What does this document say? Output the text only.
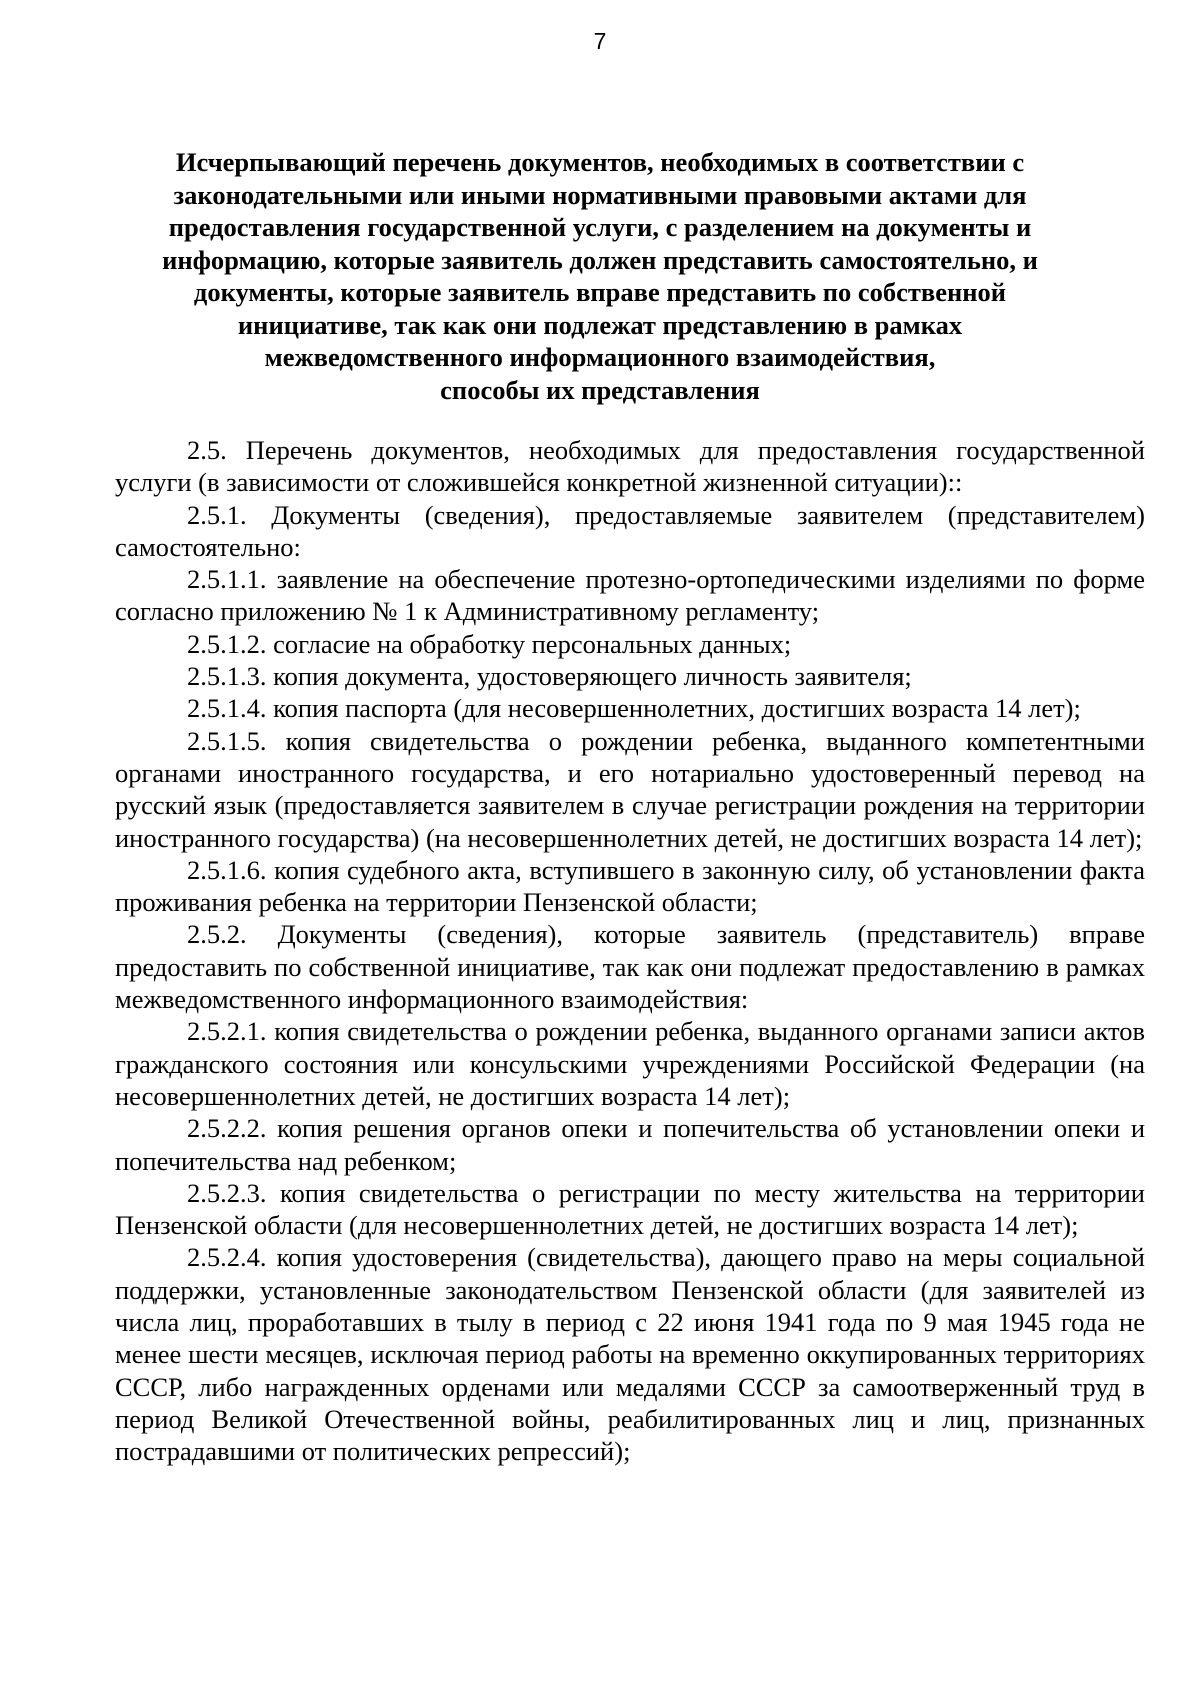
7
Исчерпывающий перечень документов, необходимых в соответствии с
законодательными или иными нормативными правовыми актами для
предоставления государственной услуги, с разделением на документы и
информацию, которые заявитель должен представить самостоятельно, и
документы, которые заявитель вправе представить по собственной
инициативе, так как они подлежат представлению в рамках
межведомственного информационного взаимодействия,
способы их представления

2.5. Перечень документов, необходимых для предоставления государственной услуги (в зависимости от сложившейся конкретной жизненной ситуации)::

2.5.1. Документы (сведения), предоставляемые заявителем (представителем) самостоятельно:

2.5.1.1. заявление на обеспечение протезно-ортопедическими изделиями по форме согласно приложению № 1 к Административному регламенту;

2.5.1.2. согласие на обработку персональных данных;

2.5.1.3. копия документа, удостоверяющего личность заявителя;

2.5.1.4. копия паспорта (для несовершеннолетних, достигших возраста 14 лет);

2.5.1.5. копия свидетельства о рождении ребенка, выданного компетентными органами иностранного государства, и его нотариально удостоверенный перевод на русский язык (предоставляется заявителем в случае регистрации рождения на территории иностранного государства) (на несовершеннолетних детей, не достигших возраста 14 лет);

2.5.1.6. копия судебного акта, вступившего в законную силу, об установлении факта проживания ребенка на территории Пензенской области;

2.5.2. Документы (сведения), которые заявитель (представитель) вправе предоставить по собственной инициативе, так как они подлежат предоставлению в рамках межведомственного информационного взаимодействия:

2.5.2.1. копия свидетельства о рождении ребенка, выданного органами записи актов гражданского состояния или консульскими учреждениями Российской Федерации (на несовершеннолетних детей, не достигших возраста 14 лет);

2.5.2.2. копия решения органов опеки и попечительства об установлении опеки и попечительства над ребенком;

2.5.2.3. копия свидетельства о регистрации по месту жительства на территории Пензенской области (для несовершеннолетних детей, не достигших возраста 14 лет);

2.5.2.4. копия удостоверения (свидетельства), дающего право на меры социальной поддержки, установленные законодательством Пензенской области (для заявителей из числа лиц, проработавших в тылу в период с 22 июня 1941 года по 9 мая 1945 года не менее шести месяцев, исключая период работы на временно оккупированных территориях СССР, либо награжденных орденами или медалями СССР за самоотверженный труд в период Великой Отечественной войны, реабилитированных лиц и лиц, признанных пострадавшими от политических репрессий);
